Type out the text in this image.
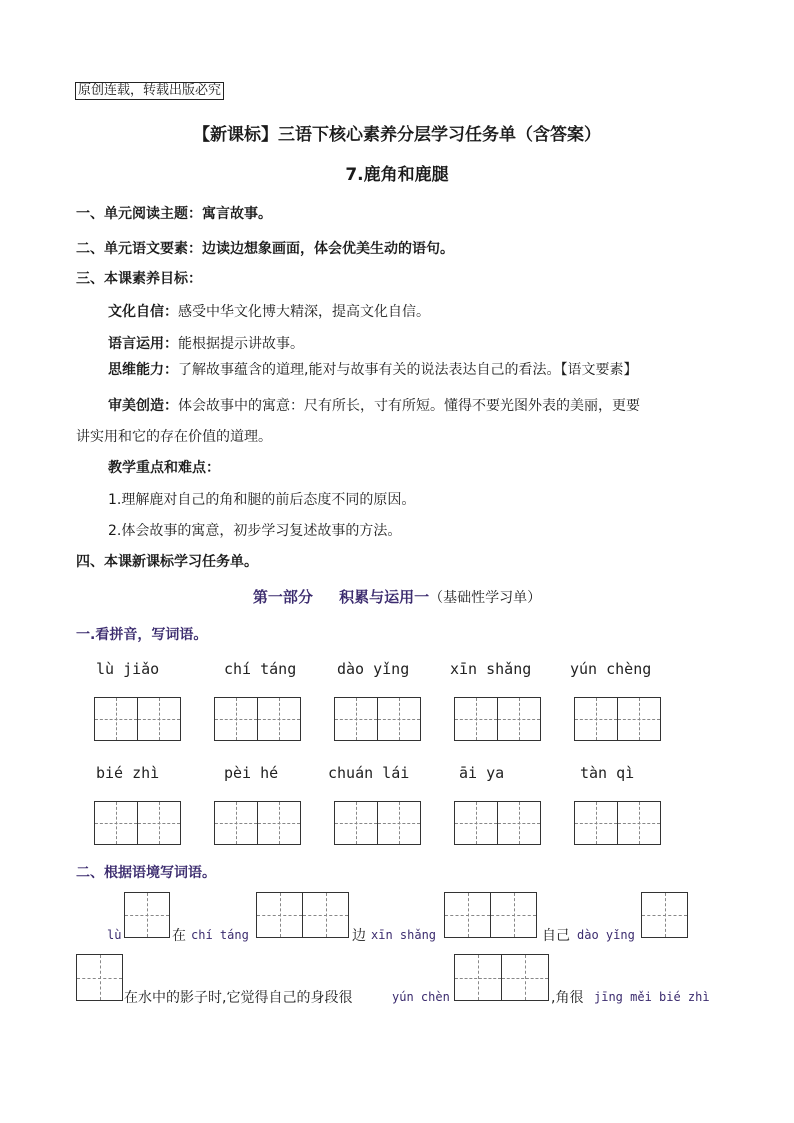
原创连载，转载出版必究
【新课标】三语下核心素养分层学习任务单（含答案）
7.鹿角和鹿腿
一、单元阅读主题：寓言故事。
二、单元语文要素：边读边想象画面，体会优美生动的语句。
三、本课素养目标：
文化自信：感受中华文化博大精深，提高文化自信。
语言运用：能根据提示讲故事。
思维能力：了解故事蕴含的道理,能对与故事有关的说法表达自己的看法。【语文要素】
审美创造：体会故事中的寓意：尺有所长，寸有所短。懂得不要光图外表的美丽，更要
讲实用和它的存在价值的道理。
教学重点和难点：
1.理解鹿对自己的角和腿的前后态度不同的原因。
2.体会故事的寓意，初步学习复述故事的方法。
四、本课新课标学习任务单。
第一部分 积累与运用一（基础性学习单）
一.看拼音，写词语。
lù jiǎo	chí táng	dào yǐng	xīn shǎng	yún chèng
bié zhì	pèi hé	chuán lái	āi ya	tàn qì
二、根据语境写词语。
lù	在 chí táng	边 xīn shǎng	自己 dào yǐng
在水中的影子时,它觉得自己的身段很	yún chèn	,角很 jīng měi bié zhì
